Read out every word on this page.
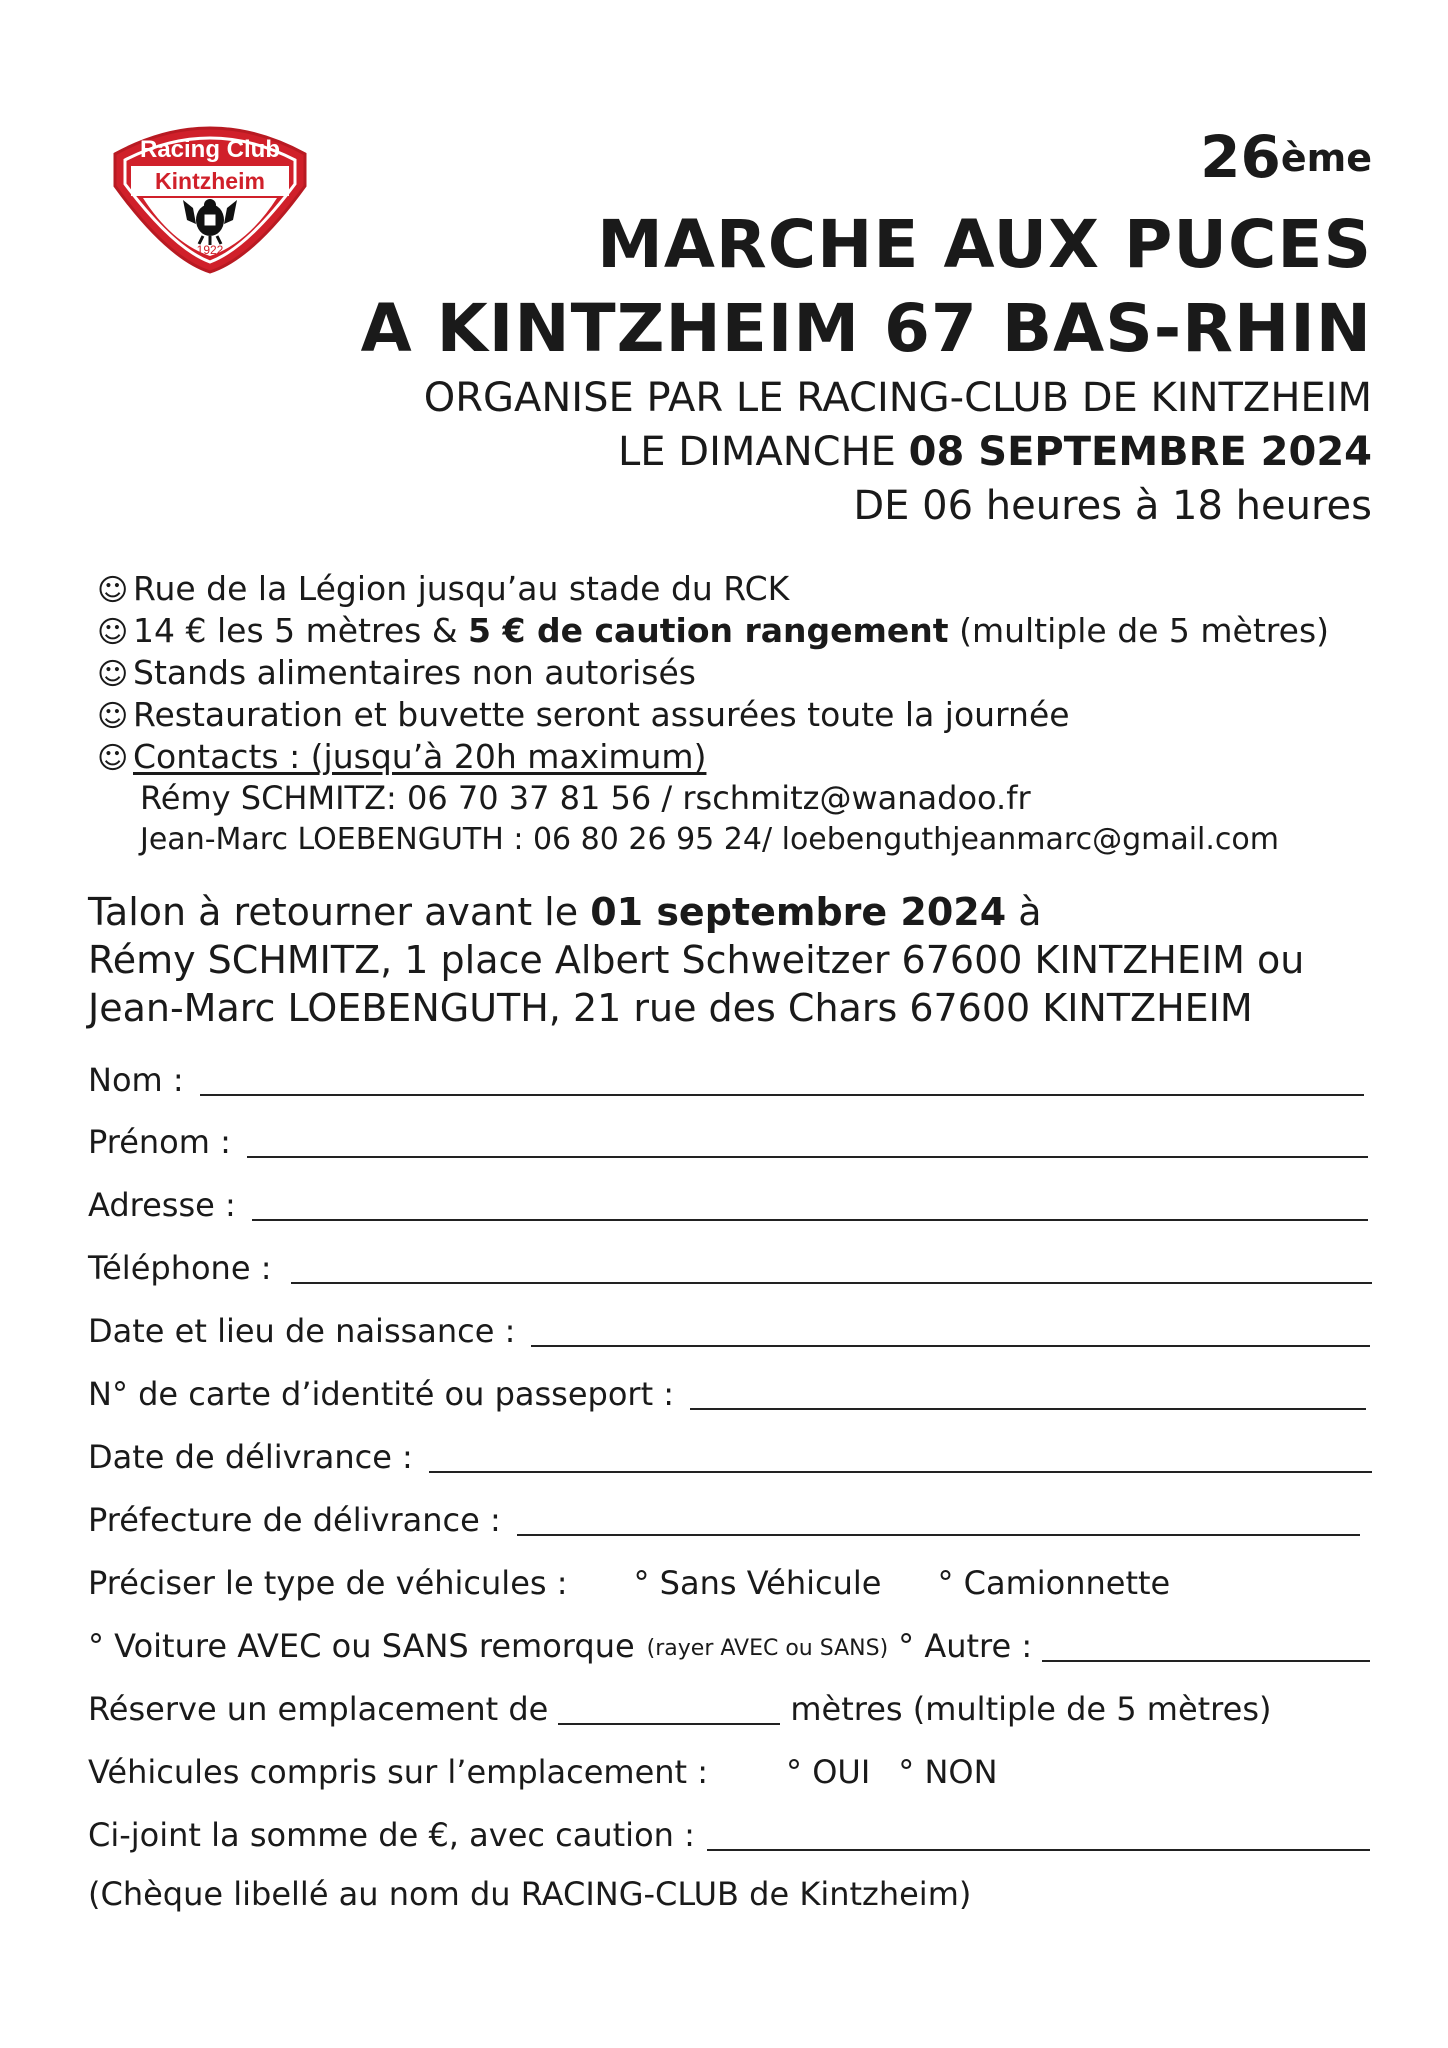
Racing Club
Kintzheim
1922
26ème
MARCHE AUX PUCES
A KINTZHEIM 67 BAS-RHIN
ORGANISE PAR LE RACING-CLUB DE KINTZHEIM
LE DIMANCHE 08 SEPTEMBRE 2024
DE 06 heures à 18 heures
☺ Rue de la Légion jusqu’au stade du RCK
☺ 14 € les 5 mètres & 5 € de caution rangement (multiple de 5 mètres)
☺ Stands alimentaires non autorisés
☺ Restauration et buvette seront assurées toute la journée
☺ Contacts : (jusqu’à 20h maximum)
Rémy SCHMITZ: 06 70 37 81 56 / rschmitz@wanadoo.fr
Jean-Marc LOEBENGUTH : 06 80 26 95 24/ loebenguthjeanmarc@gmail.com
Talon à retourner avant le 01 septembre 2024 à
Rémy SCHMITZ, 1 place Albert Schweitzer 67600 KINTZHEIM ou
Jean-Marc LOEBENGUTH, 21 rue des Chars 67600 KINTZHEIM
Nom :
Prénom :
Adresse :
Téléphone :
Date et lieu de naissance :
N° de carte d’identité ou passeport :
Date de délivrance :
Préfecture de délivrance :
Préciser le type de véhicules : ° Sans Véhicule ° Camionnette
° Voiture AVEC ou SANS remorque (rayer AVEC ou SANS) ° Autre :
Réserve un emplacement de	mètres (multiple de 5 mètres)
Véhicules compris sur l’emplacement : ° OUI ° NON
Ci-joint la somme de €, avec caution :
(Chèque libellé au nom du RACING-CLUB de Kintzheim)
